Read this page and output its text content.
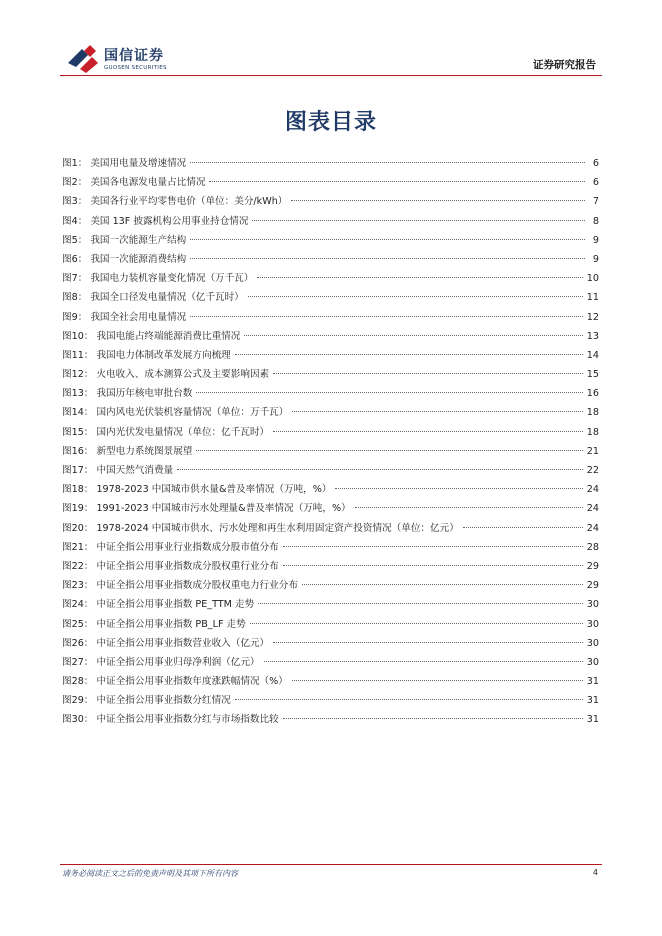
国信证券
GUOSEN SECURITIES	证券研究报告
图表目录
图1： 美国用电量及增速情况	6
图2： 美国各电源发电量占比情况	6
图3： 美国各行业平均零售电价（单位：美分/kWh）	7
图4： 美国 13F 披露机构公用事业持仓情况	8
图5： 我国一次能源生产结构	9
图6： 我国一次能源消费结构	9
图7： 我国电力装机容量变化情况（万千瓦）	10
图8： 我国全口径发电量情况（亿千瓦时）	11
图9： 我国全社会用电量情况	12
图10： 我国电能占终端能源消费比重情况	13
图11： 我国电力体制改革发展方向梳理	14
图12： 火电收入、成本测算公式及主要影响因素	15
图13： 我国历年核电审批台数	16
图14： 国内风电光伏装机容量情况（单位：万千瓦）	18
图15： 国内光伏发电量情况（单位：亿千瓦时）	18
图16： 新型电力系统图景展望	21
图17： 中国天然气消费量	22
图18： 1978-2023 中国城市供水量&普及率情况（万吨，%）	24
图19： 1991-2023 中国城市污水处理量&普及率情况（万吨，%）	24
图20： 1978-2024 中国城市供水、污水处理和再生水利用固定资产投资情况（单位：亿元）	24
图21： 中证全指公用事业行业指数成分股市值分布	28
图22： 中证全指公用事业指数成分股权重行业分布	29
图23： 中证全指公用事业指数成分股权重电力行业分布	29
图24： 中证全指公用事业指数 PE_TTM 走势	30
图25： 中证全指公用事业指数 PB_LF 走势	30
图26： 中证全指公用事业指数营业收入（亿元）	30
图27： 中证全指公用事业归母净利润（亿元）	30
图28： 中证全指公用事业指数年度涨跌幅情况（%）	31
图29： 中证全指公用事业指数分红情况	31
图30： 中证全指公用事业指数分红与市场指数比较	31
请务必阅读正文之后的免责声明及其项下所有内容	4
